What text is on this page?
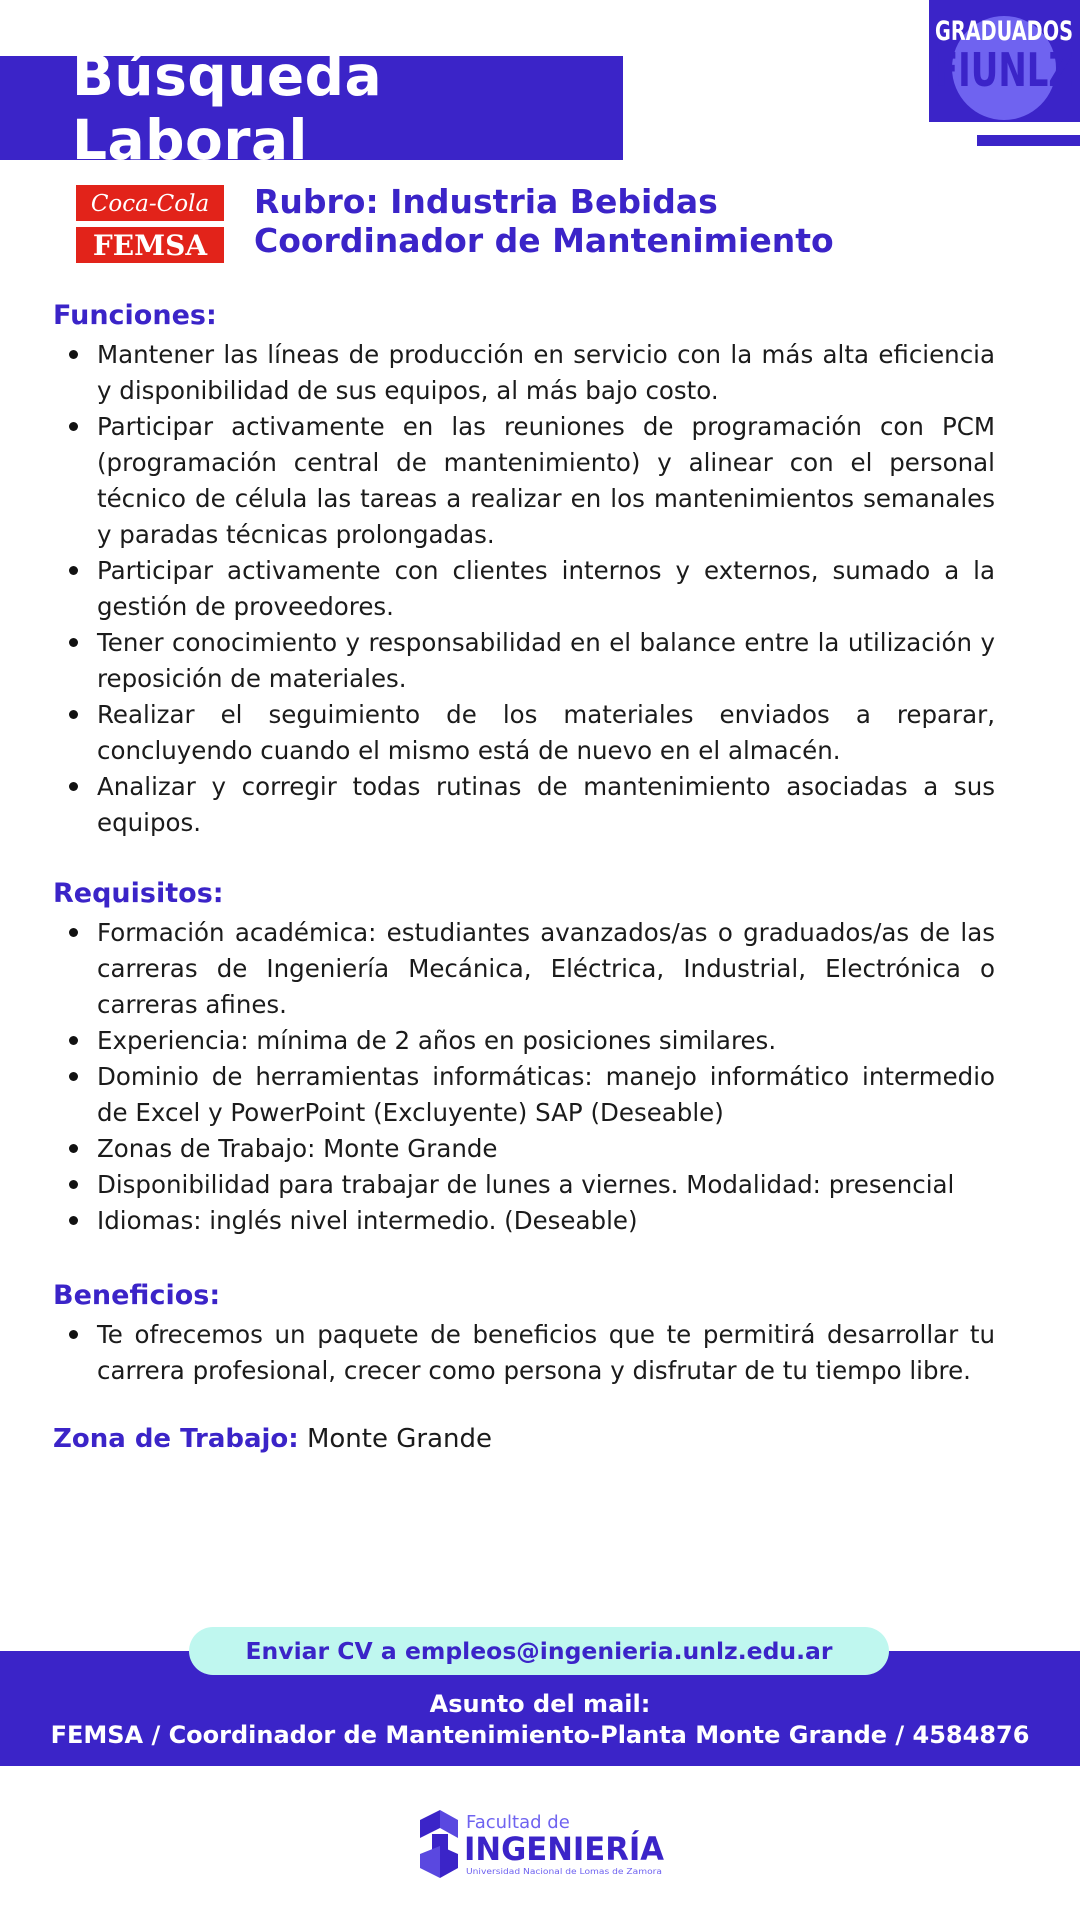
Búsqueda Laboral
GRADUADOS
FIUNLZ
Coca-Cola
FEMSA
Rubro: Industria Bebidas
Coordinador de Mantenimiento
Funciones:
Mantener las líneas de producción en servicio con la más alta eficiencia y disponibilidad de sus equipos, al más bajo costo.
Participar activamente en las reuniones de programación con PCM (programación central de mantenimiento) y alinear con el personal técnico de célula las tareas a realizar en los mantenimientos semanales y paradas técnicas prolongadas.
Participar activamente con clientes internos y externos, sumado a la gestión de proveedores.
Tener conocimiento y responsabilidad en el balance entre la utilización y reposición de materiales.
Realizar el seguimiento de los materiales enviados a reparar, concluyendo cuando el mismo está de nuevo en el almacén.
Analizar y corregir todas rutinas de mantenimiento asociadas a sus equipos.
Requisitos:
Formación académica: estudiantes avanzados/as o graduados/as de las carreras de Ingeniería Mecánica, Eléctrica, Industrial, Electrónica o carreras afines.
Experiencia: mínima de 2 años en posiciones similares.
Dominio de herramientas informáticas: manejo informático intermedio de Excel y PowerPoint (Excluyente) SAP (Deseable)
Zonas de Trabajo: Monte Grande
Disponibilidad para trabajar de lunes a viernes. Modalidad: presencial
Idiomas: inglés nivel intermedio. (Deseable)
Beneficios:
Te ofrecemos un paquete de beneficios que te permitirá desarrollar tu carrera profesional, crecer como persona y disfrutar de tu tiempo libre.
Zona de Trabajo: Monte Grande
Enviar CV a empleos@ingenieria.unlz.edu.ar
Asunto del mail:
FEMSA / Coordinador de Mantenimiento-Planta Monte Grande / 4584876
Facultad de
INGENIERÍA
Universidad Nacional de Lomas de Zamora
